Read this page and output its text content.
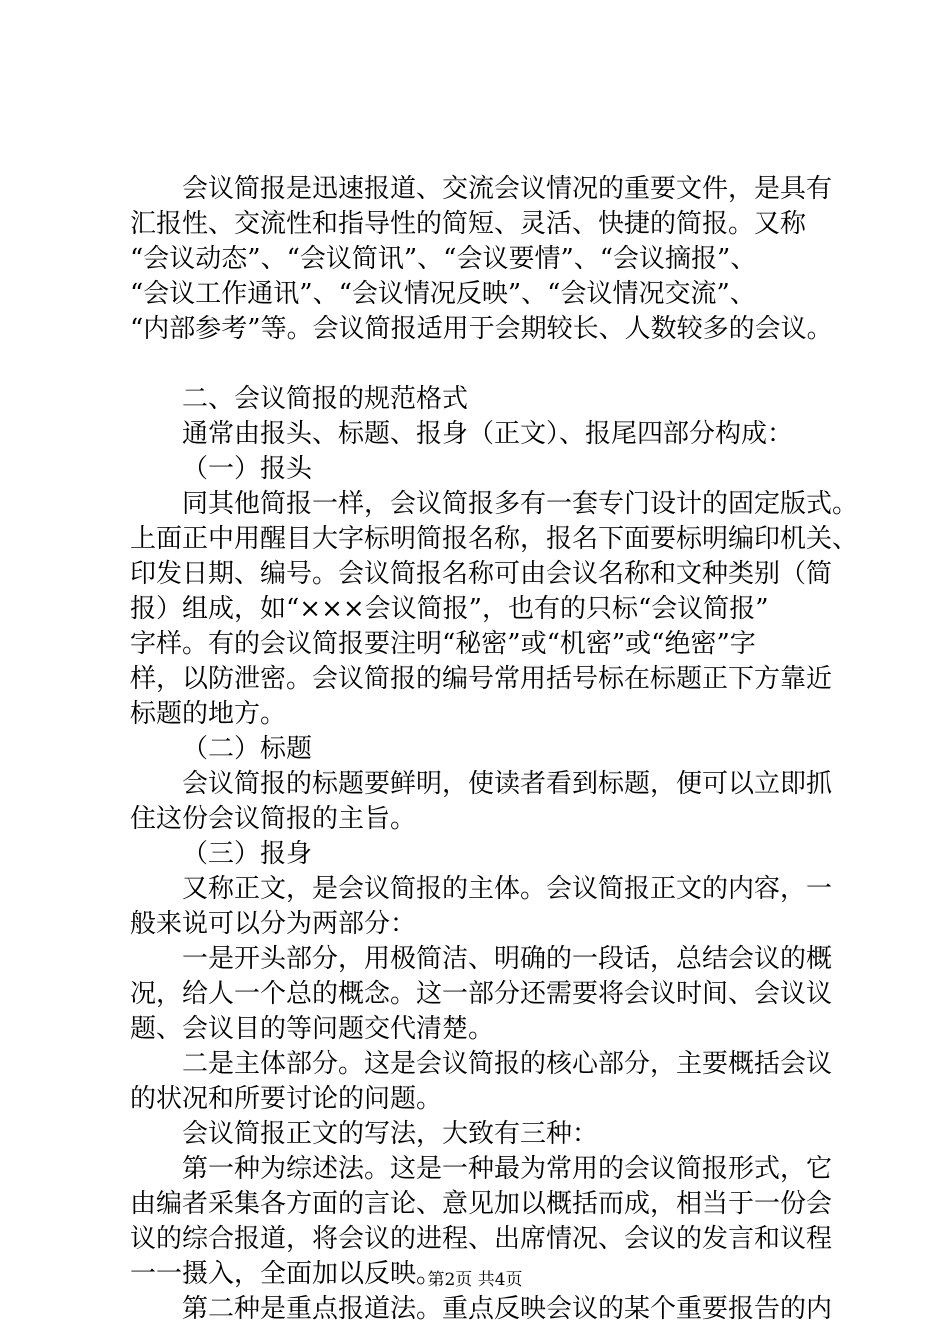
会议简报是迅速报道、交流会议情况的重要文件，是具有
汇报性、交流性和指导性的简短、灵活、快捷的简报。又称
“会议动态”、“会议简讯”、“会议要情”、“会议摘报”、
“会议工作通讯”、“会议情况反映”、“会议情况交流”、
“内部参考”等。会议简报适用于会期较长、人数较多的会议。
二、会议简报的规范格式
通常由报头、标题、报身（正文）、报尾四部分构成：
（一）报头
同其他简报一样，会议简报多有一套专门设计的固定版式。
上面正中用醒目大字标明简报名称，报名下面要标明编印机关、
印发日期、编号。会议简报名称可由会议名称和文种类别（简
报）组成，如“×××会议简报”，也有的只标“会议简报”
字样。有的会议简报要注明“秘密”或“机密”或“绝密”字
样，以防泄密。会议简报的编号常用括号标在标题正下方靠近
标题的地方。
（二）标题
会议简报的标题要鲜明，使读者看到标题，便可以立即抓
住这份会议简报的主旨。
（三）报身
又称正文，是会议简报的主体。会议简报正文的内容，一
般来说可以分为两部分：
一是开头部分，用极简洁、明确的一段话，总结会议的概
况，给人一个总的概念。这一部分还需要将会议时间、会议议
题、会议目的等问题交代清楚。
二是主体部分。这是会议简报的核心部分，主要概括会议
的状况和所要讨论的问题。
会议简报正文的写法，大致有三种：
第一种为综述法。这是一种最为常用的会议简报形式，它
由编者采集各方面的言论、意见加以概括而成，相当于一份会
议的综合报道，将会议的进程、出席情况、会议的发言和议程
一一摄入，全面加以反映。
第二种是重点报道法。重点反映会议的某个重要报告的内
第2页 共4页
